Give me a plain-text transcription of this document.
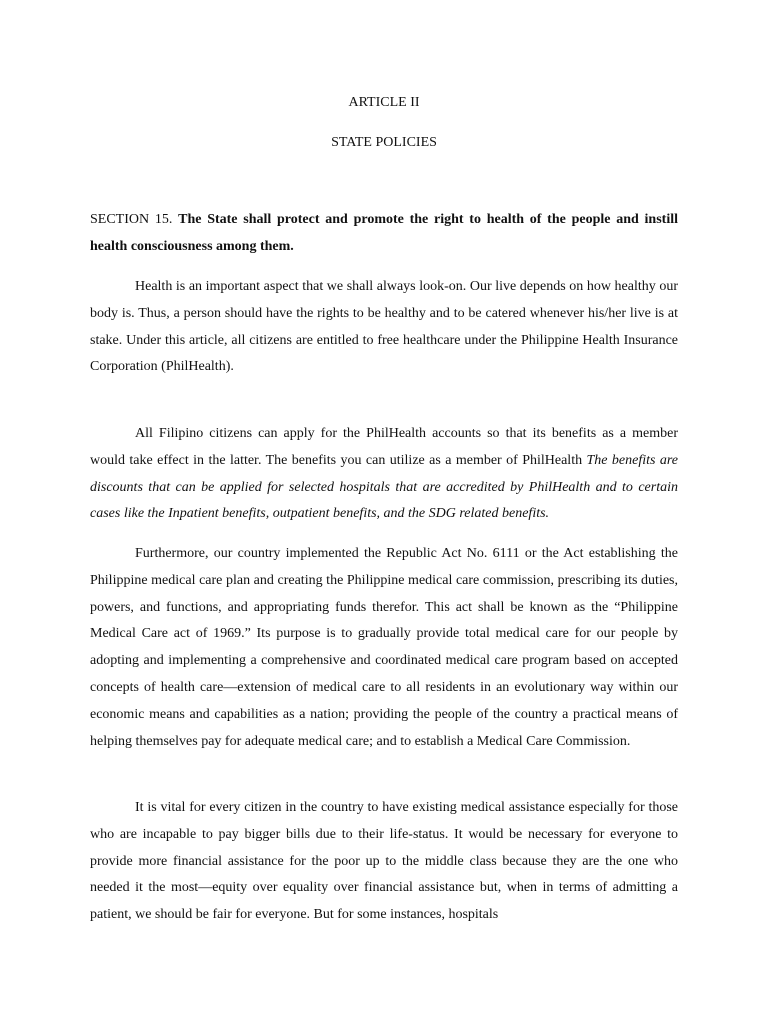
ARTICLE II
STATE POLICIES

SECTION 15. The State shall protect and promote the right to health of the people and instill health consciousness among them.

Health is an important aspect that we shall always look-on. Our live depends on how healthy our body is. Thus, a person should have the rights to be healthy and to be catered whenever his/her live is at stake. Under this article, all citizens are entitled to free healthcare under the Philippine Health Insurance Corporation (PhilHealth).

All Filipino citizens can apply for the PhilHealth accounts so that its benefits as a member would take effect in the latter. The benefits you can utilize as a member of PhilHealth The benefits are discounts that can be applied for selected hospitals that are accredited by PhilHealth and to certain cases like the Inpatient benefits, outpatient benefits, and the SDG related benefits.

Furthermore, our country implemented the Republic Act No. 6111 or the Act establishing the Philippine medical care plan and creating the Philippine medical care commission, prescribing its duties, powers, and functions, and appropriating funds therefor. This act shall be known as the “Philippine Medical Care act of 1969.” Its purpose is to gradually provide total medical care for our people by adopting and implementing a comprehensive and coordinated medical care program based on accepted concepts of health care—extension of medical care to all residents in an evolutionary way within our economic means and capabilities as a nation; providing the people of the country a practical means of helping themselves pay for adequate medical care; and to establish a Medical Care Commission.

It is vital for every citizen in the country to have existing medical assistance especially for those who are incapable to pay bigger bills due to their life-status. It would be necessary for everyone to provide more financial assistance for the poor up to the middle class because they are the one who needed it the most—equity over equality over financial assistance but, when in terms of admitting a patient, we should be fair for everyone. But for some instances, hospitals
